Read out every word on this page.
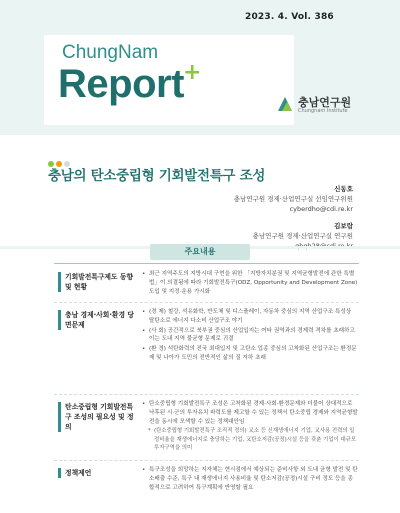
2023. 4. Vol. 386
ChungNam
Report +
충남연구원
Chungnam Institute
충남의 탄소중립형 기회발전특구 조성
신동호
충남연구원 경제·산업연구실 선임연구위원
cyberdho@cdi.re.kr
김보람
충남연구원 경제·산업연구실 연구원
주요내용
기회발전특구제도 동향 및 현황
• 최근 지역주도의 지방시대 구현을 위한 「지방자치분권 및 지역균형발전에 관한 특별법」이 의결됨에 따라 기회발전특구(ODZ, Opportunity and Development Zone) 도입 및 지정·운용 가시화
충남 경제·사회·환경 당면문제
• (경 제) 철강, 석유화학, 반도체 및 디스플레이, 자동차 중심의 지역 산업구조 특성상 탈탄소로 에너지 다소비 산업구조 야기
• (사 회) 공간적으로 북부권 중심의 산업입지는 여타 권역과의 경제력 격차를 초래하고 이는 도내 지역 불균형 문제로 귀결
• (환 경) 석탄화력의 전국 최대입지 및 고탄소 업종 중심의 고착화된 산업구조는 환경문제 및 나아가 도민의 전반적인 삶의 질 저하 초래
탄소중립형 기회발전특구 조성의 필요성 및 정의
• 탄소중립형 기회발전특구 조성은 고착화된 경제·사회·환경문제와 더불어 상대적으로 낙후된 시·군의 투자유치 파력도를 제고할 수 있는 정책서 탄소중립 경제와 지역균형발전을 동시에 모색할 수 있는 정책대안임
* (탄소중립형 기회발전특구 조직적 정의) 又소 등 신재생에너지 기업, 又사용 전력의 일정비율을 재생에너지로 충당하는 기업, 又탄소저감(공정)시설 등을 갖춘 기업이 대규모 투자구역을 의미
정책제언
•	특구조성을 희망하는 지자체는 현시점에서 예상되는 준비사항 외 도내 균형 발전 및 탄소배출 수준, 특구 내 재생에너지 사용비율 및 탄소저감(공정)시설 구비 정도 등을 종합적으로 고려하여 특구계획에 반영할 필요
